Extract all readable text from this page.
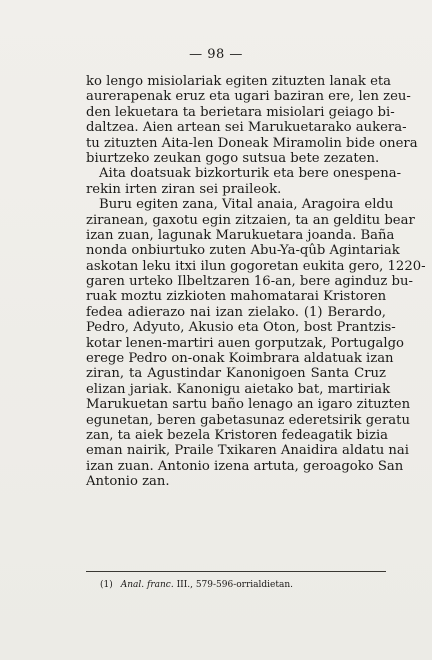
— 98 —
ko lengo misiolariak egiten zituzten lanak eta
aurerapenak eruz eta ugari baziran ere, len zeu-
den lekuetara ta berietara misiolari geiago bi-
daltzea. Aien artean sei Marukuetarako aukera-
tu zituzten Aita-len Doneak Miramolin bide onera
biurtzeko zeukan gogo sutsua bete zezaten.
Aita doatsuak bizkorturik eta bere onespena-
rekin irten ziran sei praileok.
Buru egiten zana, Vital anaia, Aragoira eldu
ziranean, gaxotu egin zitzaien, ta an gelditu bear
izan zuan, lagunak Marukuetara joanda. Baña
nonda onbiurtuko zuten Abu-Ya-qûb Agintariak
askotan leku itxi ilun gogoretan eukita gero, 1220-
garen urteko Ilbeltzaren 16-an, bere aginduz bu-
ruak moztu zizkioten mahomatarai Kristoren
fedea adierazo nai izan zielako. (1) Berardo,
Pedro, Adyuto, Akusio eta Oton, bost Prantzis-
kotar lenen-martiri auen gorputzak, Portugalgo
erege Pedro on-onak Koimbrara aldatuak izan
ziran, ta Agustindar Kanonigoen Santa Cruz
elizan jariak. Kanonigu aietako bat, martiriak
Marukuetan sartu baño lenago an igaro zituzten
egunetan, beren gabetasunaz ederetsirik geratu
zan, ta aiek bezela Kristoren fedeagatik bizia
eman nairik, Praile Txikaren Anaidira aldatu nai
izan zuan. Antonio izena artuta, geroagoko San
Antonio zan.
(1) Anal. franc. III., 579-596-orrialdietan.
